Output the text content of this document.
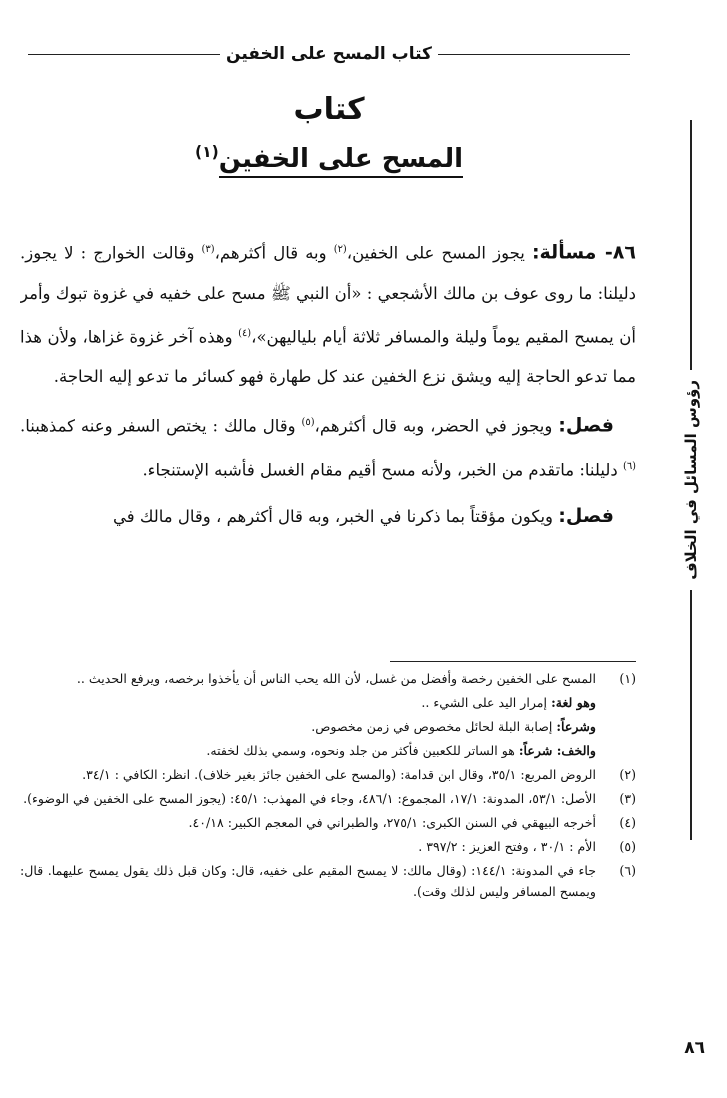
كتاب المسح على الخفين
رؤوس المسائل في الخلاف
كتاب
المسح على الخفين$^{(١)}$

٨٦- مسألة: يجوز المسح على الخفين،$^{(٢)}$ وبه قال أكثرهم،$^{(٣)}$ وقالت الخوارج : لا يجوز. دليلنا: ما روى عوف بن مالك الأشجعي : «أن النبي ﷺ مسح على خفيه في غزوة تبوك وأمر أن يمسح المقيم يوماً وليلة والمسافر ثلاثة أيام بلياليهن»،$^{(٤)}$ وهذه آخر غزوة غزاها، ولأن هذا مما تدعو الحاجة إليه ويشق نزع الخفين عند كل طهارة فهو كسائر ما تدعو إليه الحاجة.

فصل: ويجوز في الحضر، وبه قال أكثرهم،$^{(٥)}$ وقال مالك : يختص السفر وعنه كمذهبنا.$^{(٦)}$ دليلنا: ماتقدم من الخبر، ولأنه مسح أقيم مقام الغسل فأشبه الإستنجاء.

فصل: ويكون مؤقتاً بما ذكرنا في الخبر، وبه قال أكثرهم ، وقال مالك في

(١)
المسح على الخفين رخصة وأفضل من غسل، لأن الله يحب الناس أن يأخذوا برخصه، ويرفع الحديث ..
وهو لغة: إمرار اليد على الشيء ..
وشرعاً: إصابة البلة لحائل مخصوص في زمن مخصوص.
والخف: شرعاً: هو الساتر للكعبين فأكثر من جلد ونحوه، وسمي بذلك لخفته.
(٢)
الروض المربع: ٣٥/١، وقال ابن قدامة: (والمسح على الخفين جائز بغير خلاف). انظر: الكافي : ٣٤/١.
(٣)
الأصل: ٥٣/١، المدونة: ١٧/١، المجموع: ٤٨٦/١، وجاء في المهذب: ٤٥/١: (يجوز المسح على الخفين في الوضوء).
(٤)
أخرجه البيهقي في السنن الكبرى: ٢٧٥/١، والطبراني في المعجم الكبير: ٤٠/١٨.
(٥)
الأم : ٣٠/١ ، وفتح العزيز : ٣٩٧/٢ .
(٦)
جاء في المدونة: ١٤٤/١: (وقال مالك: لا يمسح المقيم على خفيه، قال: وكان قبل ذلك يقول يمسح عليهما. قال: ويمسح المسافر وليس لذلك وقت).
٨٦
